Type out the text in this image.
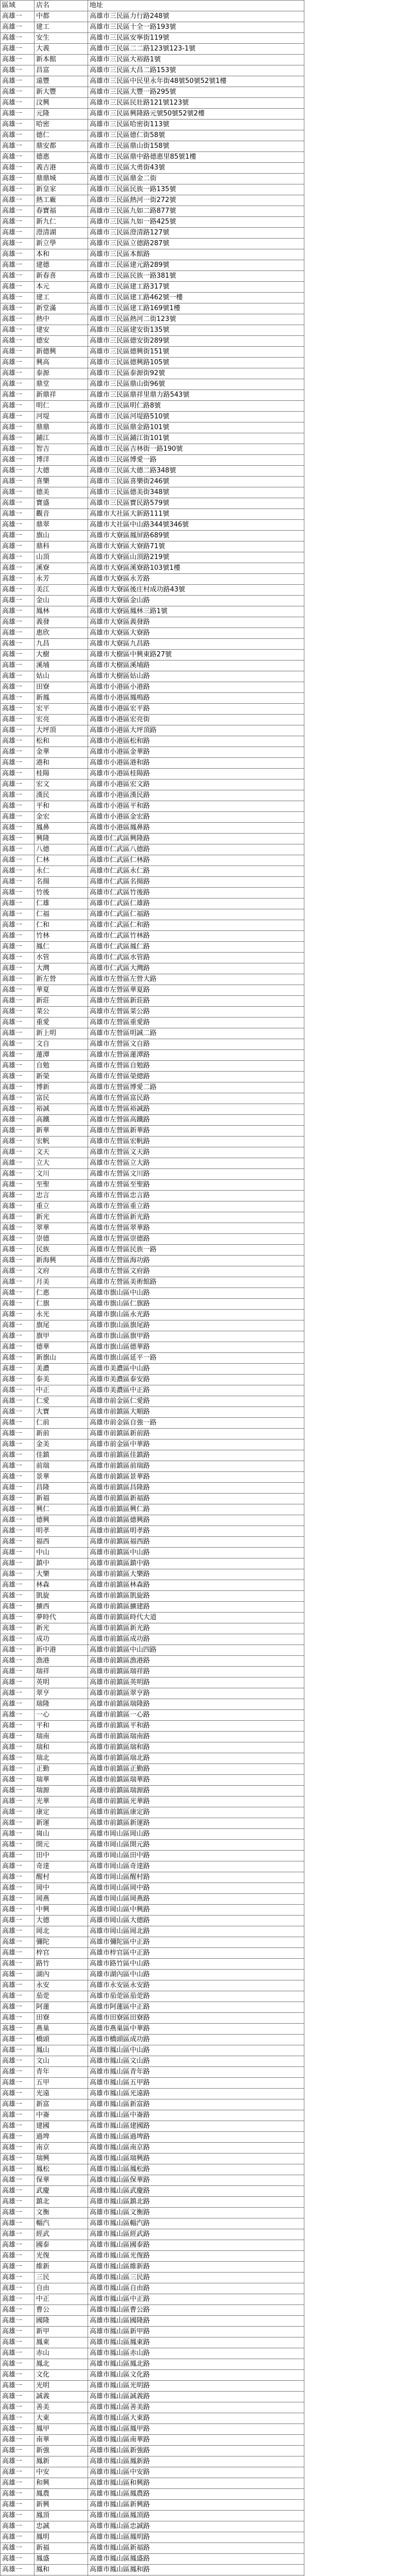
區域	店名	地址
高雄一	中都	高雄市三民區力行路248號
高雄一	建工	高雄市三民區十全一路193號
高雄一	安生	高雄市三民區安寧街119號
高雄一	大義	高雄市三民區二二路123號123-1號
高雄一	新本館	高雄市三民區大裕路1號
高雄一	昌富	高雄市三民區大昌二路153號
高雄一	遠豐	高雄市三民區中民里永年街48號50號52號1樓
高雄一	新大豐	高雄市三民區大豐一路295號
高雄一	汶興	高雄市三民區民壯路121號123號
高雄一	元隆	高雄市三民區興隆路元號50號52號2樓
高雄一	哈密	高雄市三民區哈密街113號
高雄一	德仁	高雄市三民區德仁街58號
高雄一	鼎安都	高雄市三民區鼎山街158號
高雄一	德惠	高雄市三民區鼎中路德惠里85號1樓
高雄一	義吉港	高雄市三民區大勇街43號
高雄一	鼎鼎城	高雄市三民區鼎金二街
高雄一	新皇家	高雄市三民區民族一路135號
高雄一	熱工廠	高雄市三民區熱河一街272號
高雄一	春寶福	高雄市三民區九如二路877號
高雄一	新九仁	高雄市三民區九如一路425號
高雄一	澄清湖	高雄市三民區澄清路127號
高雄一	新立學	高雄市三民區立德路287號
高雄一	本和	高雄市三民區本館路
高雄一	建德	高雄市三民區建元路289號
高雄一	新春喜	高雄市三民區民族一路381號
高雄一	本元	高雄市三民區建工路317號
高雄一	建工	高雄市三民區建工路462號一樓
高雄一	新堂滿	高雄市三民區建工路169號1樓
高雄一	熱中	高雄市三民區熱河二街123號
高雄一	建安	高雄市三民區建安街135號
高雄一	德安	高雄市三民區德安街289號
高雄一	新德興	高雄市三民區德興街151號
高雄一	興高	高雄市三民區德興路105號
高雄一	泰源	高雄市三民區泰源街92號
高雄一	鼎堂	高雄市三民區鼎山街96號
高雄一	新鼎祥	高雄市三民區鼎祥里鼎力路543號
高雄一	明仁	高雄市三民區明仁路8號
高雄一	河堤	高雄市三民區河堤路510號
高雄一	鼎鼎	高雄市三民區鼎金路101號
高雄一	鋪江	高雄市三民區鋪江街101號
高雄一	智吉	高雄市三民區吉林街一路190號
高雄一	博洋	高雄市三民區博愛一路
高雄一	大德	高雄市三民區大德二路348號
高雄一	喜樂	高雄市三民區喜樂街246號
高雄一	德美	高雄市三民區德美街348號
高雄一	寶盛	高雄市三民區寶民路579號
高雄一	觀音	高雄市大社區大新路111號
高雄一	鼎翠	高雄市大社區中山路344號346號
高雄一	旗山	高雄市大寮區鳳屏路689號
高雄一	鼎科	高雄市大寮區大寮路71號
高雄一	山頂	高雄市大寮區山頂路219號
高雄一	溪寮	高雄市大寮區溪寮路103號1樓
高雄一	永芳	高雄市大寮區永芳路
高雄一	美江	高雄市大寮區後庄村成功路43號
高雄一	金山	高雄市大寮區金山路
高雄一	鳳林	高雄市大寮區鳳林三路1號
高雄一	義發	高雄市大寮區義發路
高雄一	惠欣	高雄市大寮區大寮路
高雄一	九昌	高雄市大寮區九昌路
高雄一	大樹	高雄市大樹區中興東路27號
高雄一	溪埔	高雄市大樹區溪埔路
高雄一	姑山	高雄市大樹區姑山路
高雄一	田寮	高雄市小港區小港路
高雄一	新鳳	高雄市小港區鳳鳴路
高雄一	宏平	高雄市小港區宏平路
高雄一	宏亮	高雄市小港區宏亮街
高雄一	大坪頂	高雄市小港區大坪頂路
高雄一	松和	高雄市小港區松和路
高雄一	金華	高雄市小港區金華路
高雄一	港和	高雄市小港區港和路
高雄一	桂陽	高雄市小港區桂陽路
高雄一	宏文	高雄市小港區宏文路
高雄一	漢民	高雄市小港區漢民路
高雄一	平和	高雄市小港區平和路
高雄一	金宏	高雄市小港區金宏路
高雄一	鳳鼻	高雄市小港區鳳鼻路
高雄一	興隆	高雄市仁武區興隆路
高雄一	八德	高雄市仁武區八德路
高雄一	仁林	高雄市仁武區仁林路
高雄一	永仁	高雄市仁武區永仁路
高雄一	名揚	高雄市仁武區名揚路
高雄一	竹後	高雄市仁武區竹後路
高雄一	仁雄	高雄市仁武區仁雄路
高雄一	仁福	高雄市仁武區仁福路
高雄一	仁和	高雄市仁武區仁和路
高雄一	竹林	高雄市仁武區竹林路
高雄一	鳳仁	高雄市仁武區鳳仁路
高雄一	水管	高雄市仁武區水管路
高雄一	大灣	高雄市仁武區大灣路
高雄一	新左營	高雄市左營區左營大路
高雄一	華夏	高雄市左營區華夏路
高雄一	新莊	高雄市左營區新莊路
高雄一	菜公	高雄市左營區菜公路
高雄一	重愛	高雄市左營區重愛路
高雄一	新上明	高雄市左營區明誠二路
高雄一	文自	高雄市左營區文自路
高雄一	蓮潭	高雄市左營區蓮潭路
高雄一	自勉	高雄市左營區自勉路
高雄一	新榮	高雄市左營區榮總路
高雄一	博新	高雄市左營區博愛二路
高雄一	富民	高雄市左營區富民路
高雄一	裕誠	高雄市左營區裕誠路
高雄一	高鐵	高雄市左營區高鐵路
高雄一	新華	高雄市左營區新華路
高雄一	宏帆	高雄市左營區宏帆路
高雄一	文天	高雄市左營區文天路
高雄一	立大	高雄市左營區立大路
高雄一	文川	高雄市左營區文川路
高雄一	至聖	高雄市左營區至聖路
高雄一	忠言	高雄市左營區忠言路
高雄一	重立	高雄市左營區重立路
高雄一	新光	高雄市左營區新光路
高雄一	翠華	高雄市左營區翠華路
高雄一	崇德	高雄市左營區崇德路
高雄一	民族	高雄市左營區民族一路
高雄一	新海興	高雄市左營區海功路
高雄一	文府	高雄市左營區文府路
高雄一	月美	高雄市左營區美術館路
高雄一	仁惠	高雄市旗山區中山路
高雄一	仁旗	高雄市旗山區仁旗路
高雄一	永光	高雄市旗山區永光路
高雄一	旗尾	高雄市旗山區旗尾路
高雄一	旗甲	高雄市旗山區旗甲路
高雄一	德華	高雄市旗山區德華路
高雄一	新旗山	高雄市旗山區延平一路
高雄一	美濃	高雄市美濃區中山路
高雄一	泰美	高雄市美濃區泰安路
高雄一	中正	高雄市美濃區中正路
高雄一	仁愛	高雄市前金區仁愛路
高雄一	大寶	高雄市前鎮區大順路
高雄一	仁前	高雄市前金區自強一路
高雄一	新前	高雄市前鎮區新前路
高雄一	金美	高雄市前金區中華路
高雄一	佳鎮	高雄市前鎮區佳鎮路
高雄一	前瑞	高雄市前鎮區前瑞路
高雄一	景華	高雄市前鎮區景華路
高雄一	昌隆	高雄市前鎮區昌隆路
高雄一	新福	高雄市前鎮區新福路
高雄一	興仁	高雄市前鎮區興仁路
高雄一	德興	高雄市前鎮區德興路
高雄一	明孝	高雄市前鎮區明孝路
高雄一	福西	高雄市前鎮區福西路
高雄一	中山	高雄市前鎮區中山路
高雄一	鎮中	高雄市前鎮區鎮中路
高雄一	大樂	高雄市前鎮區大樂路
高雄一	林森	高雄市前鎮區林森路
高雄一	凱旋	高雄市前鎮區凱旋路
高雄一	擴西	高雄市前鎮區擴建路
高雄一	夢時代	高雄市前鎮區時代大道
高雄一	新光	高雄市前鎮區新光路
高雄一	成功	高雄市前鎮區成功路
高雄一	新中港	高雄市前鎮區中山四路
高雄一	漁港	高雄市前鎮區漁港路
高雄一	瑞祥	高雄市前鎮區瑞祥路
高雄一	英明	高雄市前鎮區英明路
高雄一	翠亨	高雄市前鎮區翠亨路
高雄一	瑞隆	高雄市前鎮區瑞隆路
高雄一	一心	高雄市前鎮區一心路
高雄一	平和	高雄市前鎮區平和路
高雄一	瑞南	高雄市前鎮區瑞南路
高雄一	瑞和	高雄市前鎮區瑞和路
高雄一	瑞北	高雄市前鎮區瑞北路
高雄一	正勤	高雄市前鎮區正勤路
高雄一	瑞華	高雄市前鎮區瑞華路
高雄一	瑞源	高雄市前鎮區瑞源路
高雄一	光華	高雄市前鎮區光華路
高雄一	康定	高雄市前鎮區康定路
高雄一	新運	高雄市前鎮區新運路
高雄一	崗山	高雄市岡山區岡山路
高雄一	開元	高雄市岡山區開元路
高雄一	田中	高雄市岡山區田中路
高雄一	奇達	高雄市岡山區奇達路
高雄一	醒村	高雄市岡山區醒村路
高雄一	岡中	高雄市岡山區岡中路
高雄一	岡燕	高雄市岡山區岡燕路
高雄一	中興	高雄市岡山區中興路
高雄一	大德	高雄市岡山區大德路
高雄一	岡北	高雄市岡山區岡北路
高雄一	彌陀	高雄市彌陀區中正路
高雄一	梓官	高雄市梓官區中正路
高雄一	路竹	高雄市路竹區中山路
高雄一	湖內	高雄市湖內區中山路
高雄一	永安	高雄市永安區永安路
高雄一	茄萣	高雄市茄萣區茄萣路
高雄一	阿蓮	高雄市阿蓮區中正路
高雄一	田寮	高雄市田寮區田寮路
高雄一	燕巢	高雄市燕巢區中華路
高雄一	橋頭	高雄市橋頭區成功路
高雄一	鳳山	高雄市鳳山區中山路
高雄一	文山	高雄市鳳山區文山路
高雄一	青年	高雄市鳳山區青年路
高雄一	五甲	高雄市鳳山區五甲路
高雄一	光遠	高雄市鳳山區光遠路
高雄一	新富	高雄市鳳山區新富路
高雄一	中崙	高雄市鳳山區中崙路
高雄一	建國	高雄市鳳山區建國路
高雄一	過埤	高雄市鳳山區過埤路
高雄一	南京	高雄市鳳山區南京路
高雄一	瑞興	高雄市鳳山區瑞興路
高雄一	鳳松	高雄市鳳山區鳳松路
高雄一	保華	高雄市鳳山區保華路
高雄一	武慶	高雄市鳳山區武慶路
高雄一	鎮北	高雄市鳳山區鎮北路
高雄一	文衡	高雄市鳳山區文衡路
高雄一	輜汽	高雄市鳳山區輜汽路
高雄一	經武	高雄市鳳山區經武路
高雄一	國泰	高雄市鳳山區國泰路
高雄一	光復	高雄市鳳山區光復路
高雄一	維新	高雄市鳳山區維新路
高雄一	三民	高雄市鳳山區三民路
高雄一	自由	高雄市鳳山區自由路
高雄一	中正	高雄市鳳山區中正路
高雄一	曹公	高雄市鳳山區曹公路
高雄一	國隆	高雄市鳳山區國隆路
高雄一	新甲	高雄市鳳山區新甲路
高雄一	鳳東	高雄市鳳山區鳳東路
高雄一	赤山	高雄市鳳山區赤山路
高雄一	鳳北	高雄市鳳山區鳳北路
高雄一	文化	高雄市鳳山區文化路
高雄一	光明	高雄市鳳山區光明路
高雄一	誠義	高雄市鳳山區誠義路
高雄一	善美	高雄市鳳山區善美路
高雄一	大東	高雄市鳳山區大東路
高雄一	鳳甲	高雄市鳳山區鳳甲路
高雄一	南華	高雄市鳳山區南華路
高雄一	新強	高雄市鳳山區新強路
高雄一	鳳新	高雄市鳳山區鳳新路
高雄一	中安	高雄市鳳山區中安路
高雄一	和興	高雄市鳳山區和興路
高雄一	鳳農	高雄市鳳山區鳳農路
高雄一	新興	高雄市鳳山區新興路
高雄一	鳳頂	高雄市鳳山區鳳頂路
高雄一	忠誠	高雄市鳳山區忠誠路
高雄一	鳳明	高雄市鳳山區鳳明路
高雄一	新福	高雄市鳳山區新福路
高雄一	鳳盛	高雄市鳳山區鳳盛路
高雄一	鳳和	高雄市鳳山區鳳和路
